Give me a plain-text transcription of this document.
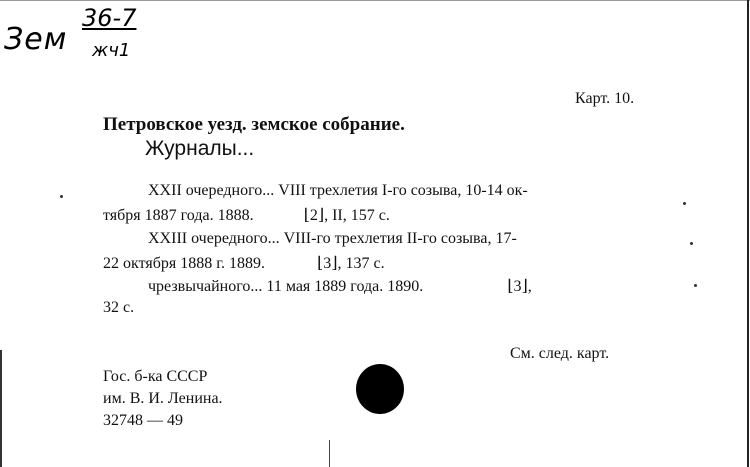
Зем
36-7
жч1
Карт. 10.
Петровское уезд. земское собрание.
Журналы...
XXII очередного... VIII трехлетия I-го созыва, 10-14 ок-
тября 1887 года. 1888.	⌊2⌋, II, 157 с.
XXIII очередного... VIII-го трехлетия II-го созыва, 17-
22 октября 1888 г. 1889.	⌊3⌋, 137 с.
чрезвычайного... 11 мая 1889 года. 1890.	⌊3⌋,
32 с.
См. след. карт.
Гос. б-ка СССР
им. В. И. Ленина.
32748 — 49
